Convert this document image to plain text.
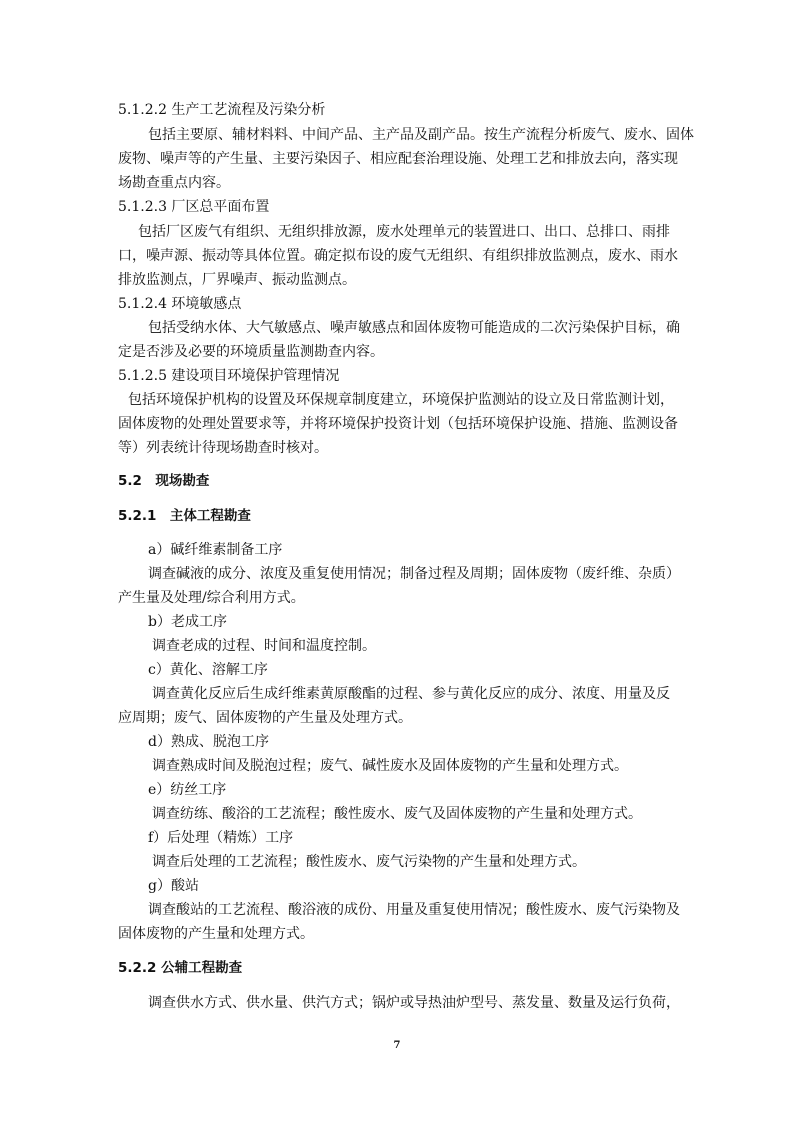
5.1.2.2 生产工艺流程及污染分析
包括主要原、辅材料料、中间产品、主产品及副产品。按生产流程分析废气、废水、固体
废物、噪声等的产生量、主要污染因子、相应配套治理设施、处理工艺和排放去向，落实现
场勘查重点内容。
5.1.2.3 厂区总平面布置
包括厂区废气有组织、无组织排放源，废水处理单元的装置进口、出口、总排口、雨排
口，噪声源、振动等具体位置。确定拟布设的废气无组织、有组织排放监测点，废水、雨水
排放监测点，厂界噪声、振动监测点。
5.1.2.4 环境敏感点
包括受纳水体、大气敏感点、噪声敏感点和固体废物可能造成的二次污染保护目标，确
定是否涉及必要的环境质量监测勘查内容。
5.1.2.5 建设项目环境保护管理情况
包括环境保护机构的设置及环保规章制度建立，环境保护监测站的设立及日常监测计划，
固体废物的处理处置要求等，并将环境保护投资计划（包括环境保护设施、措施、监测设备
等）列表统计待现场勘查时核对。
5.2　现场勘查
5.2.1　主体工程勘查
a）碱纤维素制备工序
调查碱液的成分、浓度及重复使用情况；制备过程及周期；固体废物（废纤维、杂质）
产生量及处理/综合利用方式。
b）老成工序
调查老成的过程、时间和温度控制。
c）黄化、溶解工序
调查黄化反应后生成纤维素黄原酸酯的过程、参与黄化反应的成分、浓度、用量及反
应周期；废气、固体废物的产生量及处理方式。
d）熟成、脱泡工序
调查熟成时间及脱泡过程；废气、碱性废水及固体废物的产生量和处理方式。
e）纺丝工序
调查纺练、酸浴的工艺流程；酸性废水、废气及固体废物的产生量和处理方式。
f）后处理（精炼）工序
调查后处理的工艺流程；酸性废水、废气污染物的产生量和处理方式。
g）酸站
调查酸站的工艺流程、酸浴液的成份、用量及重复使用情况；酸性废水、废气污染物及
固体废物的产生量和处理方式。
5.2.2 公辅工程勘查
调查供水方式、供水量、供汽方式；锅炉或导热油炉型号、蒸发量、数量及运行负荷，
7
